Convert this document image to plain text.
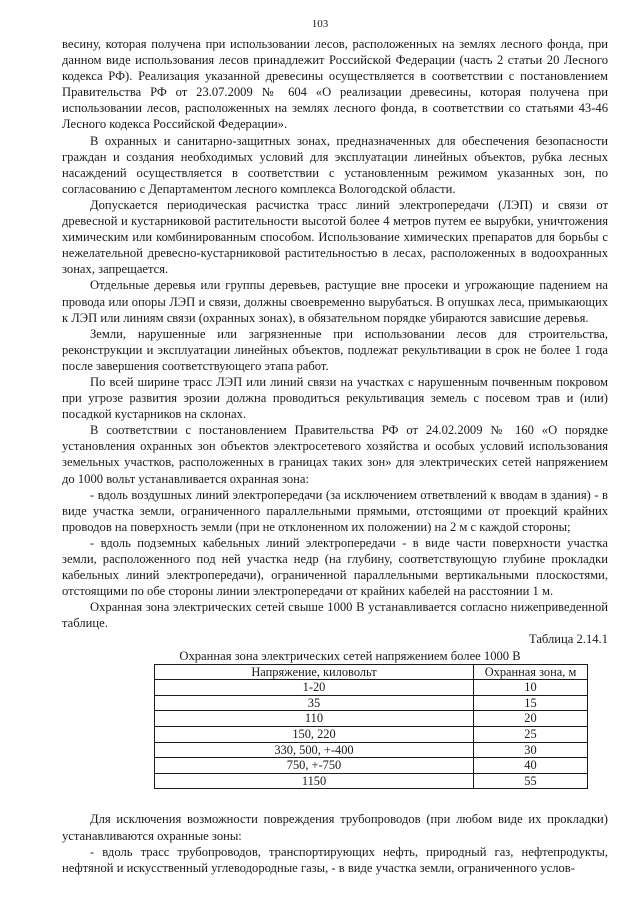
103

весину, которая получена при использовании лесов, расположенных на землях лесного фонда, при данном виде использования лесов принадлежит Российской Федерации (часть 2 статьи 20 Лесного кодекса РФ). Реализация указанной древесины осуществляется в соответствии с постановлением Правительства РФ от 23.07.2009 № 604 «О реализации древесины, которая получена при использовании лесов, расположенных на землях лесного фонда, в соответствии со статьями 43-46 Лесного кодекса Российской Федерации».

В охранных и санитарно-защитных зонах, предназначенных для обеспечения безопасности граждан и создания необходимых условий для эксплуатации линейных объектов, рубка лесных насаждений осуществляется в соответствии с установленным режимом указанных зон, по согласованию с Департаментом лесного комплекса Вологодской области.

Допускается периодическая расчистка трасс линий электропередачи (ЛЭП) и связи от древесной и кустарниковой растительности высотой более 4 метров путем ее вырубки, уничтожения химическим или комбинированным способом. Использование химических препаратов для борьбы с нежелательной древесно-кустарниковой растительностью в лесах, расположенных в водоохранных зонах, запрещается.

Отдельные деревья или группы деревьев, растущие вне просеки и угрожающие падением на провода или опоры ЛЭП и связи, должны своевременно вырубаться. В опушках леса, примыкающих к ЛЭП или линиям связи (охранных зонах), в обязательном порядке убираются зависшие деревья.

Земли, нарушенные или загрязненные при использовании лесов для строительства, реконструкции и эксплуатации линейных объектов, подлежат рекультивации в срок не более 1 года после завершения соответствующего этапа работ.

По всей ширине трасс ЛЭП или линий связи на участках с нарушенным почвенным покровом при угрозе развития эрозии должна проводиться рекультивация земель с посевом трав и (или) посадкой кустарников на склонах.

В соответствии с постановлением Правительства РФ от 24.02.2009 № 160 «О порядке установления охранных зон объектов электросетевого хозяйства и особых условий использования земельных участков, расположенных в границах таких зон» для электрических сетей напряжением до 1000 вольт устанавливается охранная зона:

- вдоль воздушных линий электропередачи (за исключением ответвлений к вводам в здания) - в виде участка земли, ограниченного параллельными прямыми, отстоящими от проекций крайних проводов на поверхность земли (при не отклоненном их положении) на 2 м с каждой стороны;

- вдоль подземных кабельных линий электропередачи - в виде части поверхности участка земли, расположенного под ней участка недр (на глубину, соответствующую глубине прокладки кабельных линий электропередачи), ограниченной параллельными вертикальными плоскостями, отстоящими по обе стороны линии электропередачи от крайних кабелей на расстоянии 1 м.

Охранная зона электрических сетей свыше 1000 В устанавливается согласно нижеприведенной таблице.

Таблица 2.14.1

Охранная зона электрических сетей напряжением более 1000 В

Напряжение, киловольт	Охранная зона, м
1-20	10
35	15
110	20
150, 220	25
330, 500, +-400	30
750, +-750	40
1150	55

Для исключения возможности повреждения трубопроводов (при любом виде их прокладки) устанавливаются охранные зоны:

- вдоль трасс трубопроводов, транспортирующих нефть, природный газ, нефтепродукты, нефтяной и искусственный углеводородные газы, - в виде участка земли, ограниченного услов-
